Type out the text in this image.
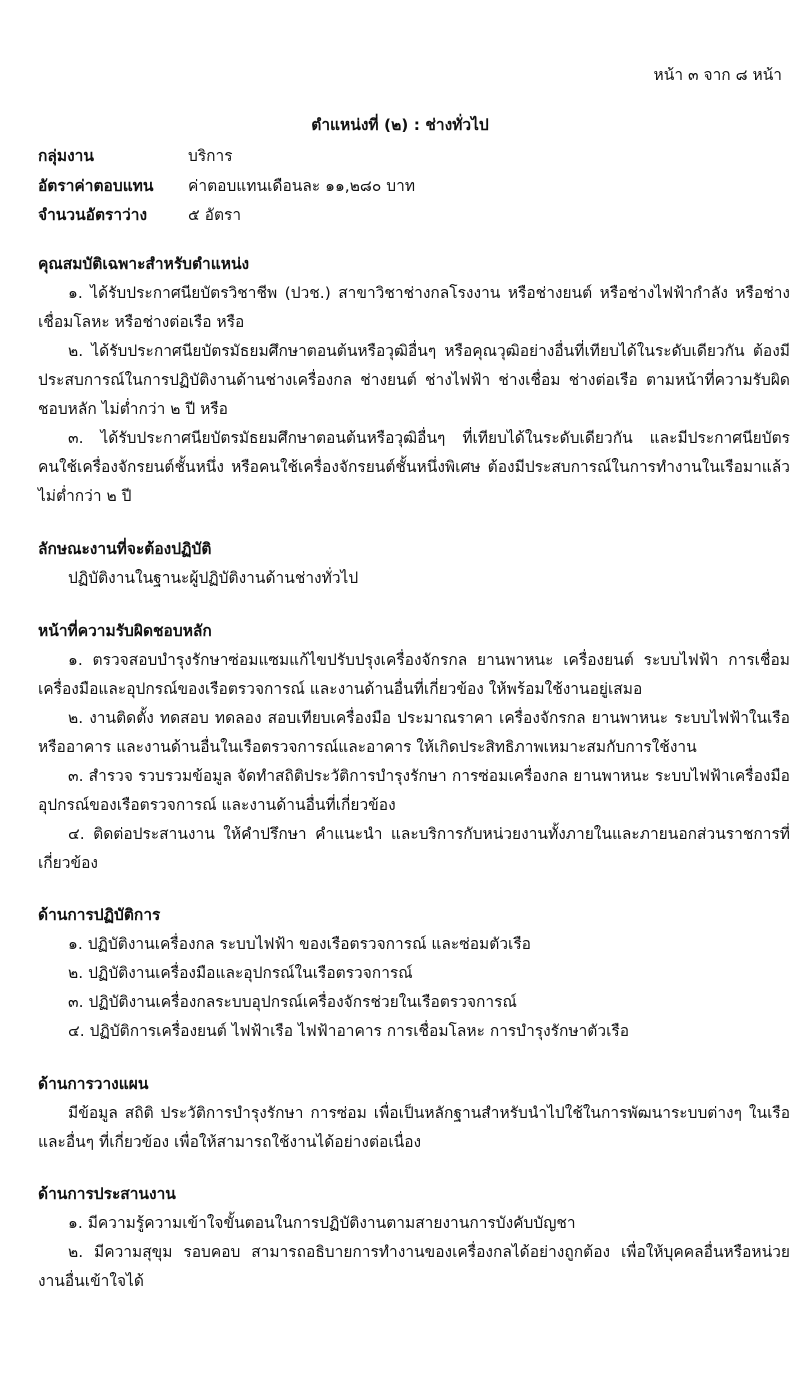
หน้า ๓ จาก ๘ หน้า
ตำแหน่งที่ (๒) : ช่างทั่วไป
กลุ่มงาน	บริการ
อัตราค่าตอบแทน	ค่าตอบแทนเดือนละ ๑๑,๒๘๐ บาท
จำนวนอัตราว่าง	๕ อัตรา
คุณสมบัติเฉพาะสำหรับตำแหน่ง

๑. ได้รับประกาศนียบัตรวิชาชีพ (ปวช.) สาขาวิชาช่างกลโรงงาน หรือช่างยนต์ หรือช่างไฟฟ้ากำลัง หรือช่างเชื่อมโลหะ หรือช่างต่อเรือ หรือ

๒. ได้รับประกาศนียบัตรมัธยมศึกษาตอนต้นหรือวุฒิอื่นๆ หรือคุณวุฒิอย่างอื่นที่เทียบได้ในระดับเดียวกัน ต้องมีประสบการณ์ในการปฏิบัติงานด้านช่างเครื่องกล ช่างยนต์ ช่างไฟฟ้า ช่างเชื่อม ช่างต่อเรือ ตามหน้าที่ความรับผิดชอบหลัก ไม่ต่ำกว่า ๒ ปี หรือ

๓. ได้รับประกาศนียบัตรมัธยมศึกษาตอนต้นหรือวุฒิอื่นๆ ที่เทียบได้ในระดับเดียวกัน และมีประกาศนียบัตรคนใช้เครื่องจักรยนต์ชั้นหนึ่ง หรือคนใช้เครื่องจักรยนต์ชั้นหนึ่งพิเศษ ต้องมีประสบการณ์ในการทำงานในเรือมาแล้ว ไม่ต่ำกว่า ๒ ปี

ลักษณะงานที่จะต้องปฏิบัติ

ปฏิบัติงานในฐานะผู้ปฏิบัติงานด้านช่างทั่วไป

หน้าที่ความรับผิดชอบหลัก

๑. ตรวจสอบบำรุงรักษาซ่อมแซมแก้ไขปรับปรุงเครื่องจักรกล ยานพาหนะ เครื่องยนต์ ระบบไฟฟ้า การเชื่อม เครื่องมือและอุปกรณ์ของเรือตรวจการณ์ และงานด้านอื่นที่เกี่ยวข้อง ให้พร้อมใช้งานอยู่เสมอ

๒. งานติดตั้ง ทดสอบ ทดลอง สอบเทียบเครื่องมือ ประมาณราคา เครื่องจักรกล ยานพาหนะ ระบบไฟฟ้าในเรือหรืออาคาร และงานด้านอื่นในเรือตรวจการณ์และอาคาร ให้เกิดประสิทธิภาพเหมาะสมกับการใช้งาน

๓. สำรวจ รวบรวมข้อมูล จัดทำสถิติประวัติการบำรุงรักษา การซ่อมเครื่องกล ยานพาหนะ ระบบไฟฟ้าเครื่องมืออุปกรณ์ของเรือตรวจการณ์ และงานด้านอื่นที่เกี่ยวข้อง

๔. ติดต่อประสานงาน ให้คำปรึกษา คำแนะนำ และบริการกับหน่วยงานทั้งภายในและภายนอกส่วนราชการที่เกี่ยวข้อง

ด้านการปฏิบัติการ

๑. ปฏิบัติงานเครื่องกล ระบบไฟฟ้า ของเรือตรวจการณ์ และซ่อมตัวเรือ

๒. ปฏิบัติงานเครื่องมือและอุปกรณ์ในเรือตรวจการณ์

๓. ปฏิบัติงานเครื่องกลระบบอุปกรณ์เครื่องจักรช่วยในเรือตรวจการณ์

๔. ปฏิบัติการเครื่องยนต์ ไฟฟ้าเรือ ไฟฟ้าอาคาร การเชื่อมโลหะ การบำรุงรักษาตัวเรือ

ด้านการวางแผน

มีข้อมูล สถิติ ประวัติการบำรุงรักษา การซ่อม เพื่อเป็นหลักฐานสำหรับนำไปใช้ในการพัฒนาระบบต่างๆ ในเรือและอื่นๆ ที่เกี่ยวข้อง เพื่อให้สามารถใช้งานได้อย่างต่อเนื่อง

ด้านการประสานงาน

๑. มีความรู้ความเข้าใจขั้นตอนในการปฏิบัติงานตามสายงานการบังคับบัญชา

๒. มีความสุขุม รอบคอบ สามารถอธิบายการทำงานของเครื่องกลได้อย่างถูกต้อง เพื่อให้บุคคลอื่นหรือหน่วยงานอื่นเข้าใจได้
